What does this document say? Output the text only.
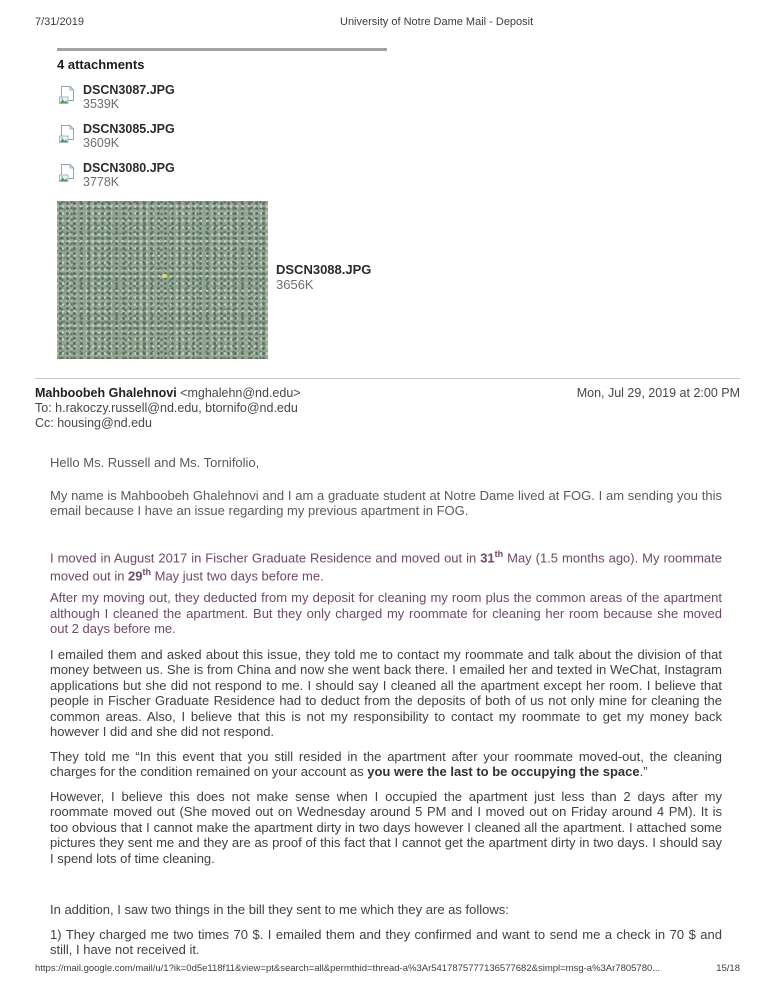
7/31/2019	University of Notre Dame Mail - Deposit
4 attachments
DSCN3087.JPG
3539K
DSCN3085.JPG
3609K
DSCN3080.JPG
3778K
DSCN3088.JPG
3656K
Mahboobeh Ghalehnovi <mghalehn@nd.edu>	Mon, Jul 29, 2019 at 2:00 PM
To: h.rakoczy.russell@nd.edu, btornifo@nd.edu
Cc: housing@nd.edu

Hello Ms. Russell and Ms. Tornifolio,

My name is Mahboobeh Ghalehnovi and I am a graduate student at Notre Dame lived at FOG. I am sending you this email because I have an issue regarding my previous apartment in FOG.

I moved in August 2017 in Fischer Graduate Residence and moved out in 31th May (1.5 months ago). My roommate moved out in 29th May just two days before me.

After my moving out, they deducted from my deposit for cleaning my room plus the common areas of the apartment although I cleaned the apartment. But they only charged my roommate for cleaning her room because she moved out 2 days before me.

I emailed them and asked about this issue, they told me to contact my roommate and talk about the division of that money between us. She is from China and now she went back there. I emailed her and texted in WeChat, Instagram applications but she did not respond to me. I should say I cleaned all the apartment except her room. I believe that people in Fischer Graduate Residence had to deduct from the deposits of both of us not only mine for cleaning the common areas. Also, I believe that this is not my responsibility to contact my roommate to get my money back however I did and she did not respond.

They told me “In this event that you still resided in the apartment after your roommate moved-out, the cleaning charges for the condition remained on your account as you were the last to be occupying the space.”

However, I believe this does not make sense when I occupied the apartment just less than 2 days after my roommate moved out (She moved out on Wednesday around 5 PM and I moved out on Friday around 4 PM). It is too obvious that I cannot make the apartment dirty in two days however I cleaned all the apartment. I attached some pictures they sent me and they are as proof of this fact that I cannot get the apartment dirty in two days. I should say I spend lots of time cleaning.

In addition, I saw two things in the bill they sent to me which they are as follows:

1) They charged me two times 70 $. I emailed them and they confirmed and want to send me a check in 70 $ and still, I have not received it.

https://mail.google.com/mail/u/1?ik=0d5e118f11&view=pt&search=all&permthid=thread-a%3Ar5417875777136577682&simpl=msg-a%3Ar7805780...	15/18
